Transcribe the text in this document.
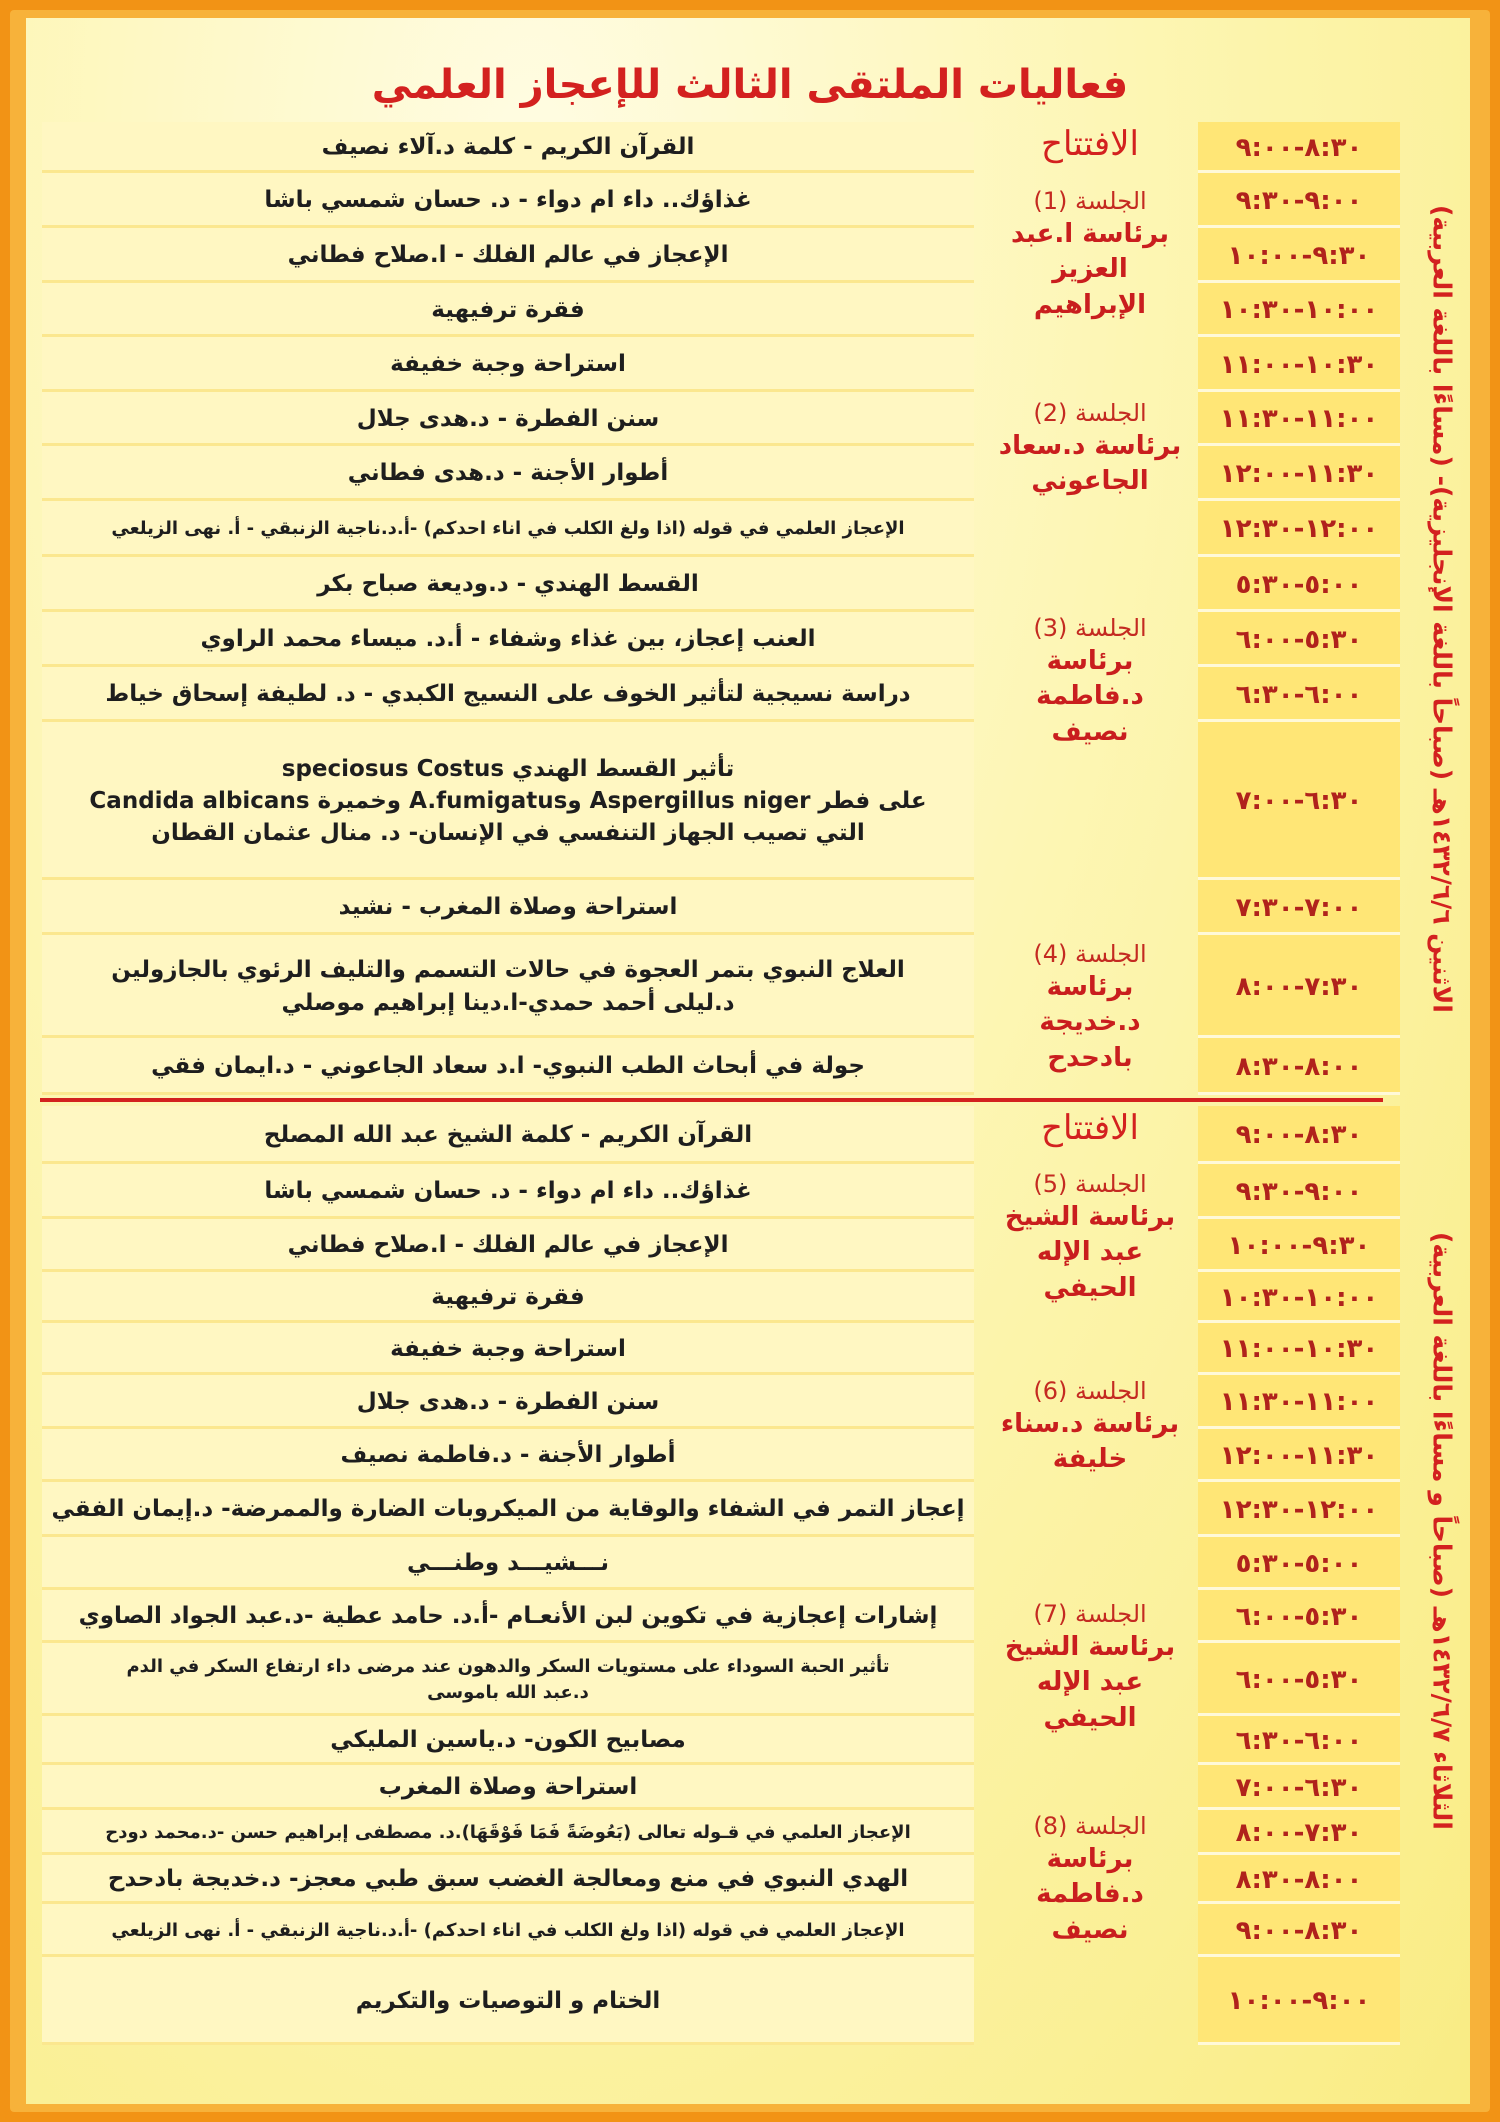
فعاليات الملتقى الثالث للإعجاز العلمي
الاثنين ١٤٣٢/٦/٦هـ (صباحاً باللغة الإنجليزية)- (مساءًا باللغة العربية)
الثلاثاء ١٤٣٢/٦/٧هـ (صباحاً و مساءًا باللغة العربية)
٨:٣٠-٩:٠٠
القرآن الكريم - كلمة د.آلاء نصيف
٩:٠٠-٩:٣٠
غذاؤك.. داء ام دواء - د. حسان شمسي باشا
٩:٣٠-١٠:٠٠
الإعجاز في عالم الفلك - ا.صلاح فطاني
١٠:٠٠-١٠:٣٠
فقرة ترفيهية
١٠:٣٠-١١:٠٠
استراحة وجبة خفيفة
١١:٠٠-١١:٣٠
سنن الفطرة - د.هدى جلال
١١:٣٠-١٢:٠٠
أطوار الأجنة - د.هدى فطاني
١٢:٠٠-١٢:٣٠
الإعجاز العلمي في قوله (اذا ولغ الكلب في اناء احدكم) -أ.د.ناجية الزنبقي - أ. نهى الزيلعي
٥:٠٠-٥:٣٠
القسط الهندي - د.وديعة صباح بكر
٥:٣٠-٦:٠٠
العنب إعجاز، بين غذاء وشفاء - أ.د. ميساء محمد الراوي
٦:٠٠-٦:٣٠
دراسة نسيجية لتأثير الخوف على النسيج الكبدي - د. لطيفة إسحاق خياط
٦:٣٠-٧:٠٠
تأثير القسط الهندي speciosus Costus
على فطر Aspergillus niger وA.fumigatus وخميرة Candida albicans
التي تصيب الجهاز التنفسي في الإنسان- د. منال عثمان القطان
٧:٠٠-٧:٣٠
استراحة وصلاة المغرب - نشيد
٧:٣٠-٨:٠٠
العلاج النبوي بتمر العجوة في حالات التسمم والتليف الرئوي بالجازولين
د.ليلى أحمد حمدي-ا.دينا إبراهيم موصلي
٨:٠٠-٨:٣٠
جولة في أبحاث الطب النبوي- ا.د سعاد الجاعوني - د.ايمان فقي
٨:٣٠-٩:٠٠
القرآن الكريم - كلمة الشيخ عبد الله المصلح
٩:٠٠-٩:٣٠
غذاؤك.. داء ام دواء - د. حسان شمسي باشا
٩:٣٠-١٠:٠٠
الإعجاز في عالم الفلك - ا.صلاح فطاني
١٠:٠٠-١٠:٣٠
فقرة ترفيهية
١٠:٣٠-١١:٠٠
استراحة وجبة خفيفة
١١:٠٠-١١:٣٠
سنن الفطرة - د.هدى جلال
١١:٣٠-١٢:٠٠
أطوار الأجنة - د.فاطمة نصيف
١٢:٠٠-١٢:٣٠
إعجاز التمر في الشفاء والوقاية من الميكروبات الضارة والممرضة- د.إيمان الفقي
٥:٠٠-٥:٣٠
نـــشيـــد وطنـــي
٥:٣٠-٦:٠٠
إشارات إعجازية في تكوين لبن الأنعـام -أ.د. حامد عطية -د.عبد الجواد الصاوي
٥:٣٠-٦:٠٠
تأثير الحبة السوداء على مستويات السكر والدهون عند مرضى داء ارتفاع السكر في الدم
د.عبد الله باموسى
٦:٠٠-٦:٣٠
مصابيح الكون- د.ياسين المليكي
٦:٣٠-٧:٠٠
استراحة وصلاة المغرب
٧:٣٠-٨:٠٠
الإعجاز العلمي في قـوله تعالى (بَعُوضَةً فَمَا فَوْقَهَا).د. مصطفى إبراهيم حسن -د.محمد دودح
٨:٠٠-٨:٣٠
الهدي النبوي في منع ومعالجة الغضب سبق طبي معجز- د.خديجة بادحدح
٨:٣٠-٩:٠٠
الإعجاز العلمي في قوله (اذا ولغ الكلب في اناء احدكم) -أ.د.ناجية الزنبقي - أ. نهى الزيلعي
٩:٠٠-١٠:٠٠
الختام و التوصيات والتكريم
الافتتاح
الجلسة (1)
برئاسة ا.عبد العزيز الإبراهيم
الجلسة (2)
برئاسة د.سعاد الجاعوني
الجلسة (3)
برئاسة د.فاطمة نصيف
الجلسة (4)
برئاسة د.خديجة بادحدح
الافتتاح
الجلسة (5)
برئاسة الشيخ عبد الإله الحيفي
الجلسة (6)
برئاسة د.سناء خليفة
الجلسة (7)
برئاسة الشيخ عبد الإله الحيفي
الجلسة (8)
برئاسة د.فاطمة نصيف
